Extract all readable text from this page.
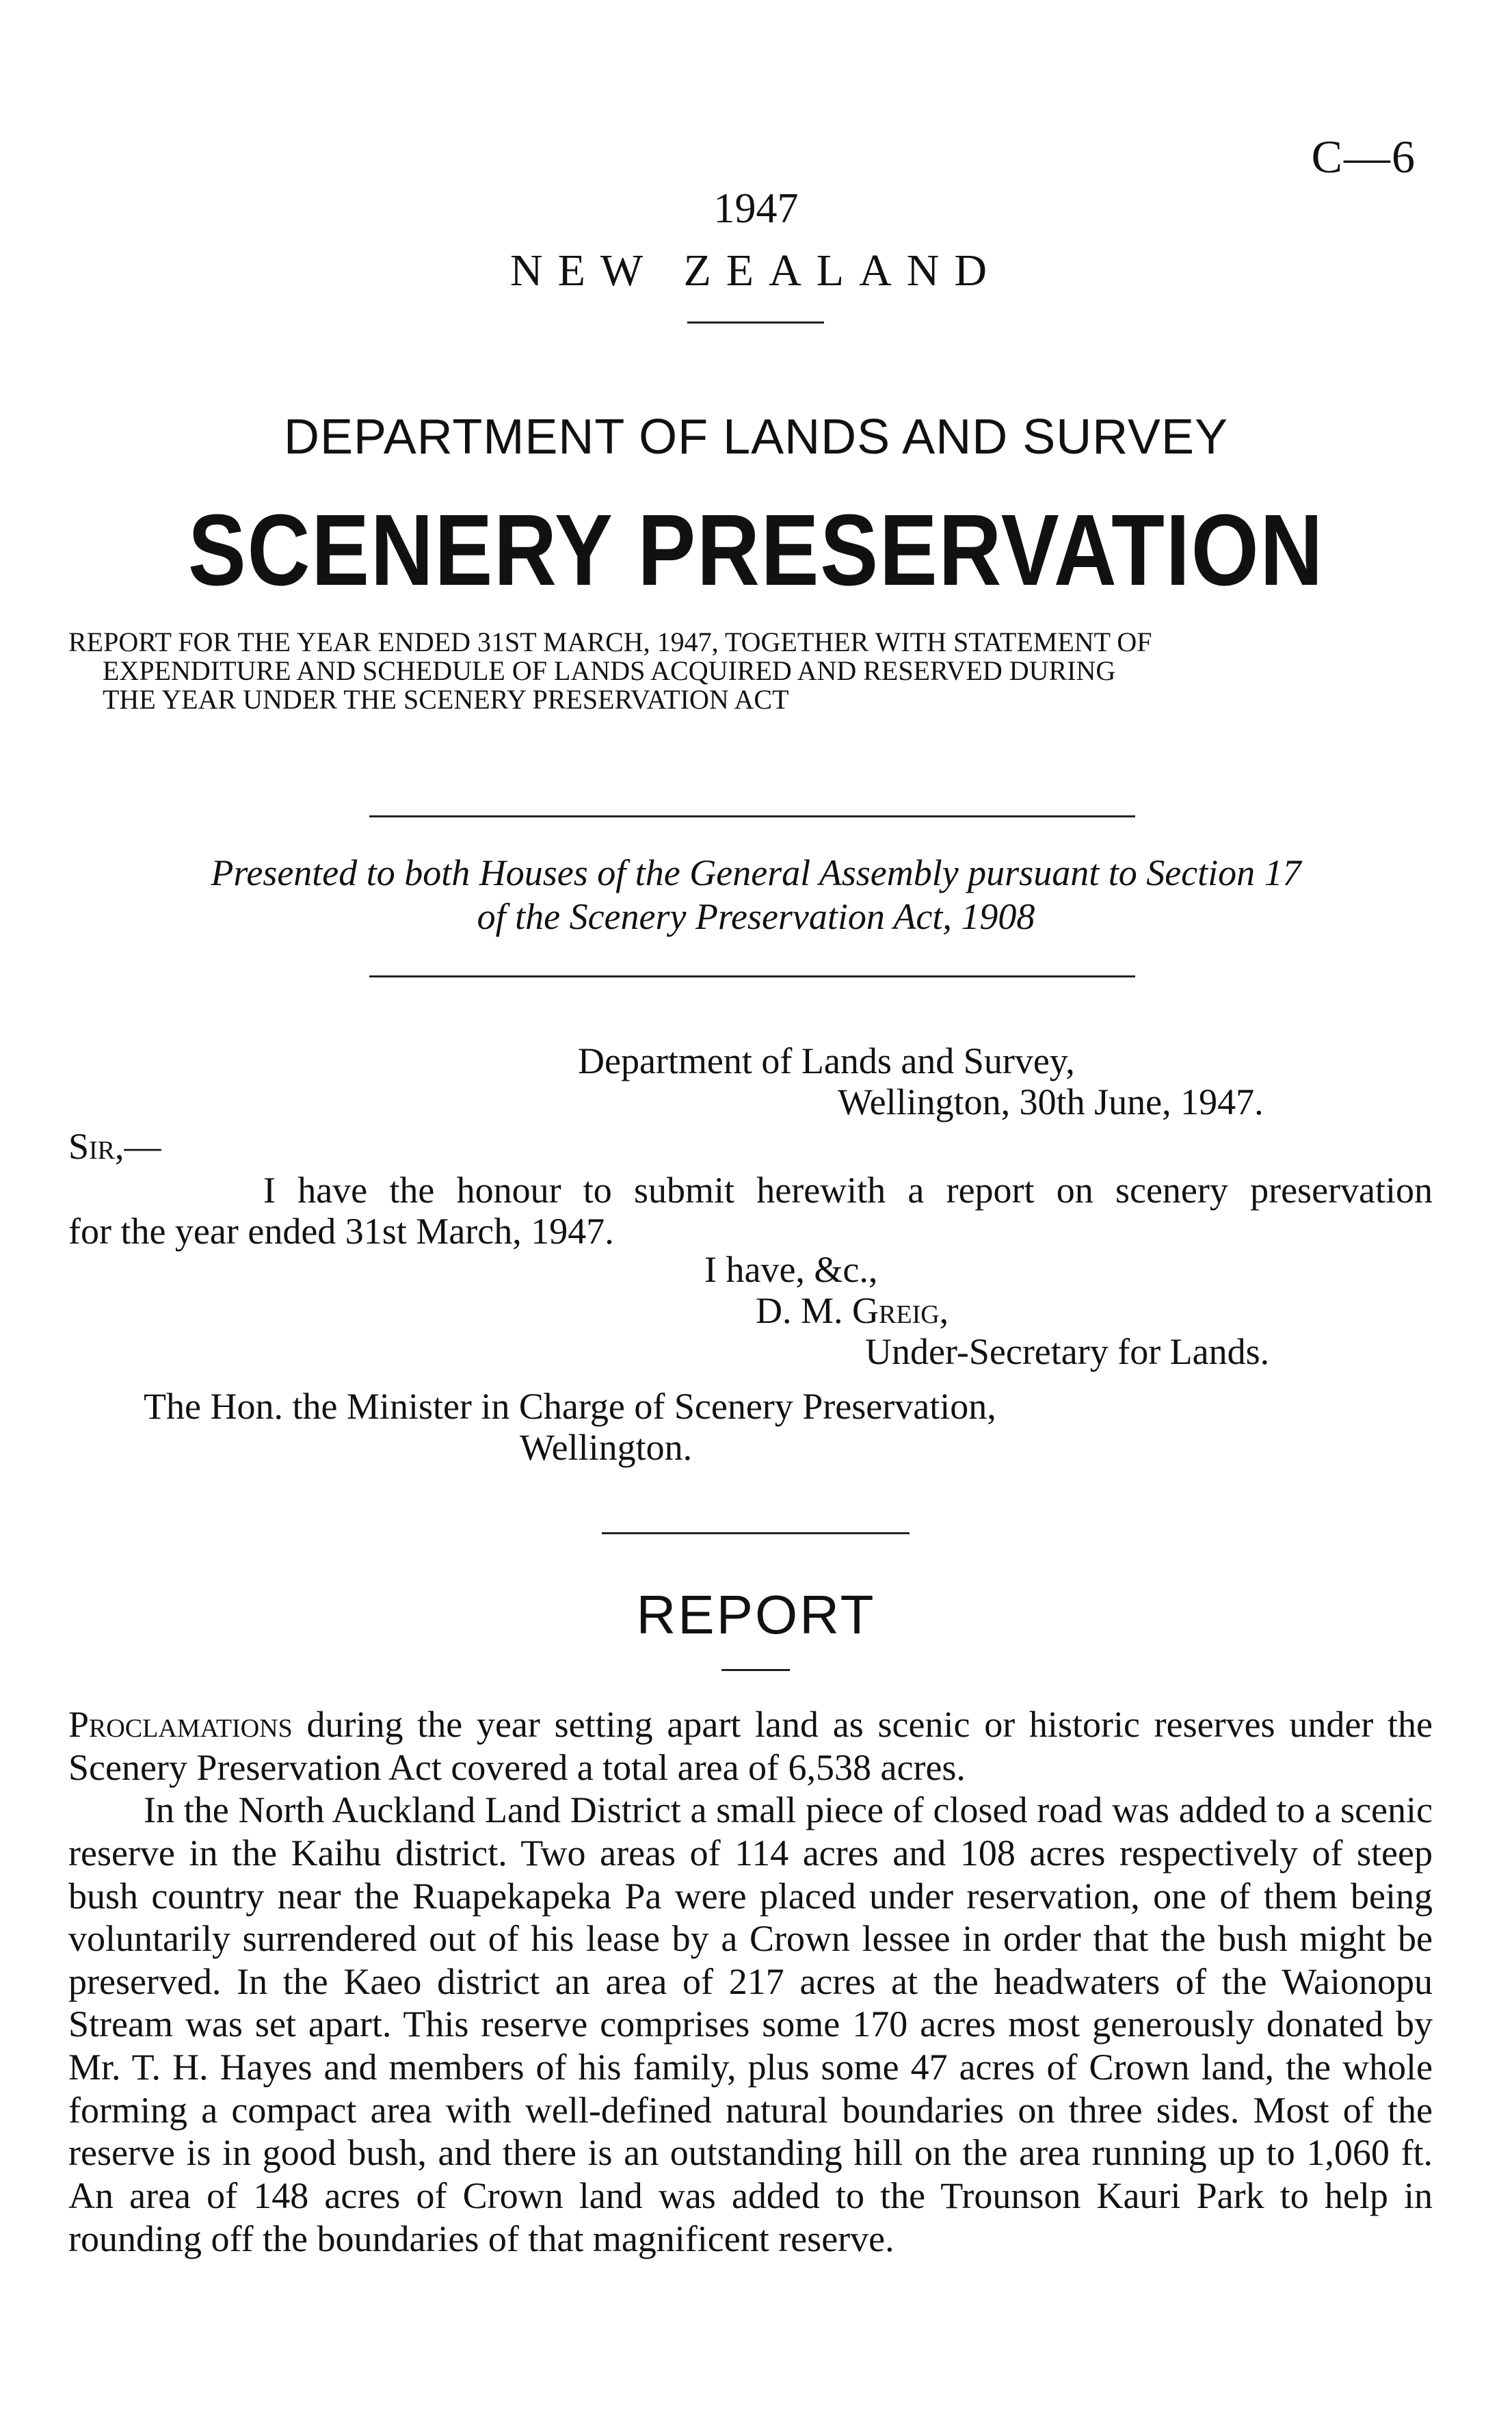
C—6
1947
NEW ZEALAND
DEPARTMENT OF LANDS AND SURVEY
SCENERY PRESERVATION
REPORT FOR THE YEAR ENDED 31ST MARCH, 1947, TOGETHER WITH STATEMENT OF
EXPENDITURE AND SCHEDULE OF LANDS ACQUIRED AND RESERVED DURING
THE YEAR UNDER THE SCENERY PRESERVATION ACT
Presented to both Houses of the General Assembly pursuant to Section 17
of the Scenery Preservation Act, 1908
Department of Lands and Survey,
Wellington, 30th June, 1947.
Sir,—
I have the honour to submit herewith a report on scenery preservation
for the year ended 31st March, 1947.
I have, &c.,
D. M. Greig,
Under-Secretary for Lands.
The Hon. the Minister in Charge of Scenery Preservation,
Wellington.
REPORT

Proclamations during the year setting apart land as scenic or historic reserves under the Scenery Preservation Act covered a total area of 6,538 acres.

In the North Auckland Land District a small piece of closed road was added to a scenic reserve in the Kaihu district. Two areas of 114 acres and 108 acres respectively of steep bush country near the Ruapekapeka Pa were placed under reservation, one of them being voluntarily surrendered out of his lease by a Crown lessee in order that the bush might be preserved. In the Kaeo district an area of 217 acres at the headwaters of the Waionopu Stream was set apart. This reserve comprises some 170 acres most generously donated by Mr. T. H. Hayes and members of his family, plus some 47 acres of Crown land, the whole forming a compact area with well-defined natural boundaries on three sides. Most of the reserve is in good bush, and there is an outstanding hill on the area running up to 1,060 ft. An area of 148 acres of Crown land was added to the Trounson Kauri Park to help in rounding off the boundaries of that magnificent reserve.
